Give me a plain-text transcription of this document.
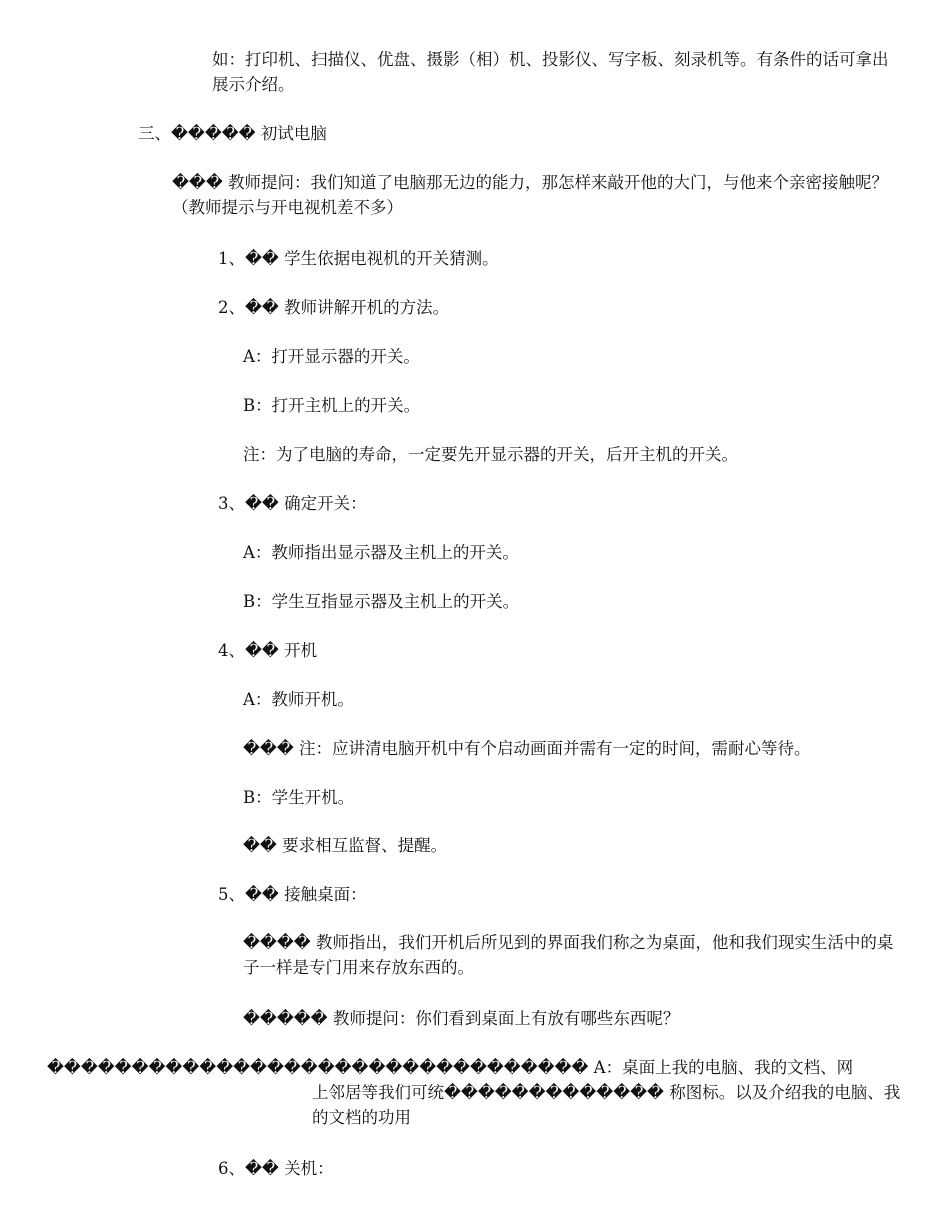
如：打印机、扫描仪、优盘、摄影（相）机、投影仪、写字板、刻录机等。有条件的话可拿出展示介绍。
三、����� 初试电脑
��� 教师提问：我们知道了电脑那无边的能力，那怎样来敲开他的大门，与他来个亲密接触呢？（教师提示与开电视机差不多）
1、�� 学生依据电视机的开关猜测。
2、�� 教师讲解开机的方法。
A：打开显示器的开关。
B：打开主机上的开关。
注：为了电脑的寿命，一定要先开显示器的开关，后开主机的开关。
3、�� 确定开关：
A：教师指出显示器及主机上的开关。
B：学生互指显示器及主机上的开关。
4、�� 开机
A：教师开机。
��� 注：应讲清电脑开机中有个启动画面并需有一定的时间，需耐心等待。
B：学生开机。
�� 要求相互监督、提醒。
5、�� 接触桌面：
���� 教师指出，我们开机后所见到的界面我们称之为桌面，他和我们现实生活中的桌子一样是专门用来存放东西的。
����� 教师提问：你们看到桌面上有放有哪些东西呢？
�������������������������������� A：桌面上我的电脑、我的文档、网
上邻居等我们可统������������� 称图标。以及介绍我的电脑、我的文档的功用
6、�� 关机：
